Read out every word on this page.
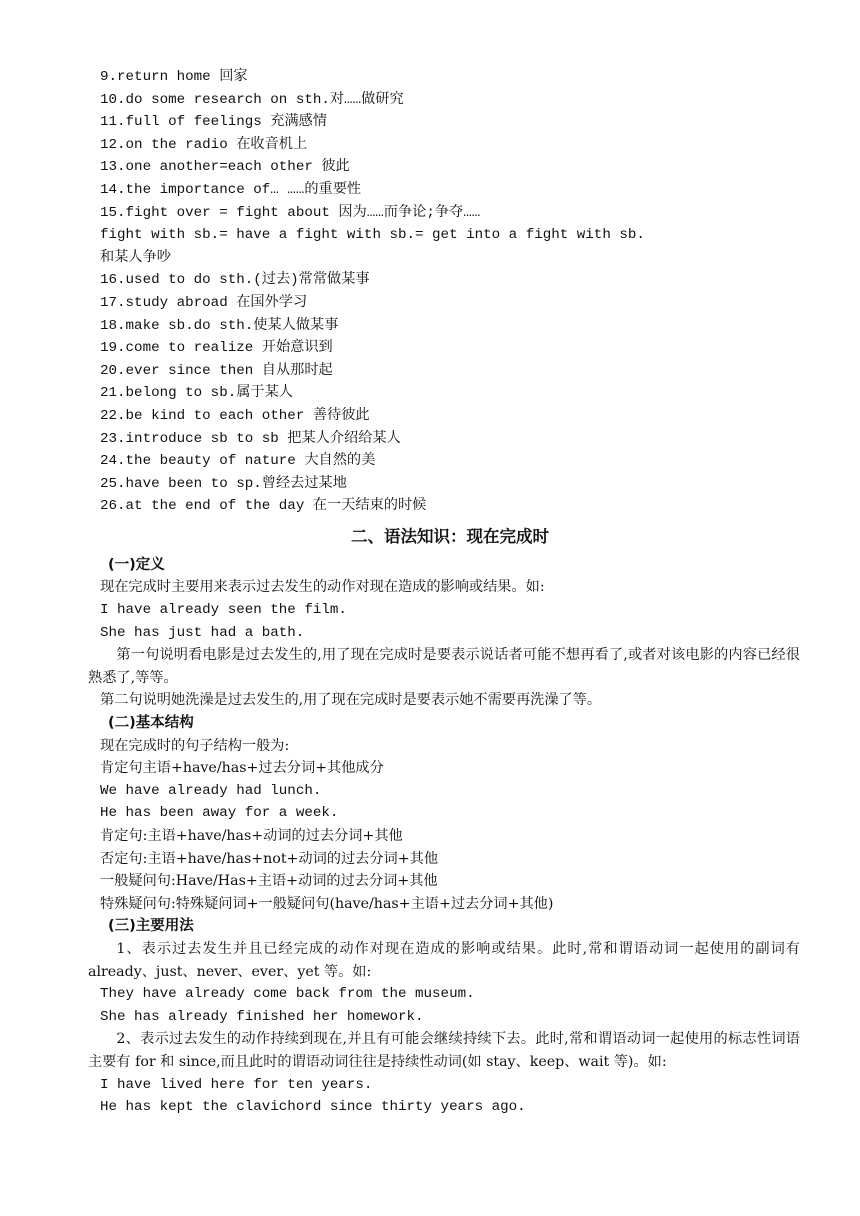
9.return home 回家
10.do some research on sth.对……做研究
11.full of feelings 充满感情
12.on the radio 在收音机上
13.one another=each other 彼此
14.the importance of… ……的重要性
15.fight over = fight about 因为……而争论;争夺……
fight with sb.= have a fight with sb.= get into a fight with sb.
和某人争吵
16.used to do sth.(过去)常常做某事
17.study abroad 在国外学习
18.make sb.do sth.使某人做某事
19.come to realize 开始意识到
20.ever since then 自从那时起
21.belong to sb.属于某人
22.be kind to each other 善待彼此
23.introduce sb to sb 把某人介绍给某人
24.the beauty of nature 大自然的美
25.have been to sp.曾经去过某地
26.at the end of the day 在一天结束的时候
二、语法知识：现在完成时
(一)定义
现在完成时主要用来表示过去发生的动作对现在造成的影响或结果。如:
I have already seen the film.
She has just had a bath.
第一句说明看电影是过去发生的,用了现在完成时是要表示说话者可能不想再看了,或者对该电影的内容已经很熟悉了,等等。
第二句说明她洗澡是过去发生的,用了现在完成时是要表示她不需要再洗澡了等。
(二)基本结构
现在完成时的句子结构一般为:
肯定句主语+have/has+过去分词+其他成分
We have already had lunch.
He has been away for a week.
肯定句:主语+have/has+动词的过去分词+其他
否定句:主语+have/has+not+动词的过去分词+其他
一般疑问句:Have/Has+主语+动词的过去分词+其他
特殊疑问句:特殊疑问词+一般疑问句(have/has+主语+过去分词+其他)
(三)主要用法
1、表示过去发生并且已经完成的动作对现在造成的影响或结果。此时,常和谓语动词一起使用的副词有 already、just、never、ever、yet 等。如:
They have already come back from the museum.
She has already finished her homework.
2、表示过去发生的动作持续到现在,并且有可能会继续持续下去。此时,常和谓语动词一起使用的标志性词语主要有 for 和 since,而且此时的谓语动词往往是持续性动词(如 stay、keep、wait 等)。如:
I have lived here for ten years.
He has kept the clavichord since thirty years ago.
